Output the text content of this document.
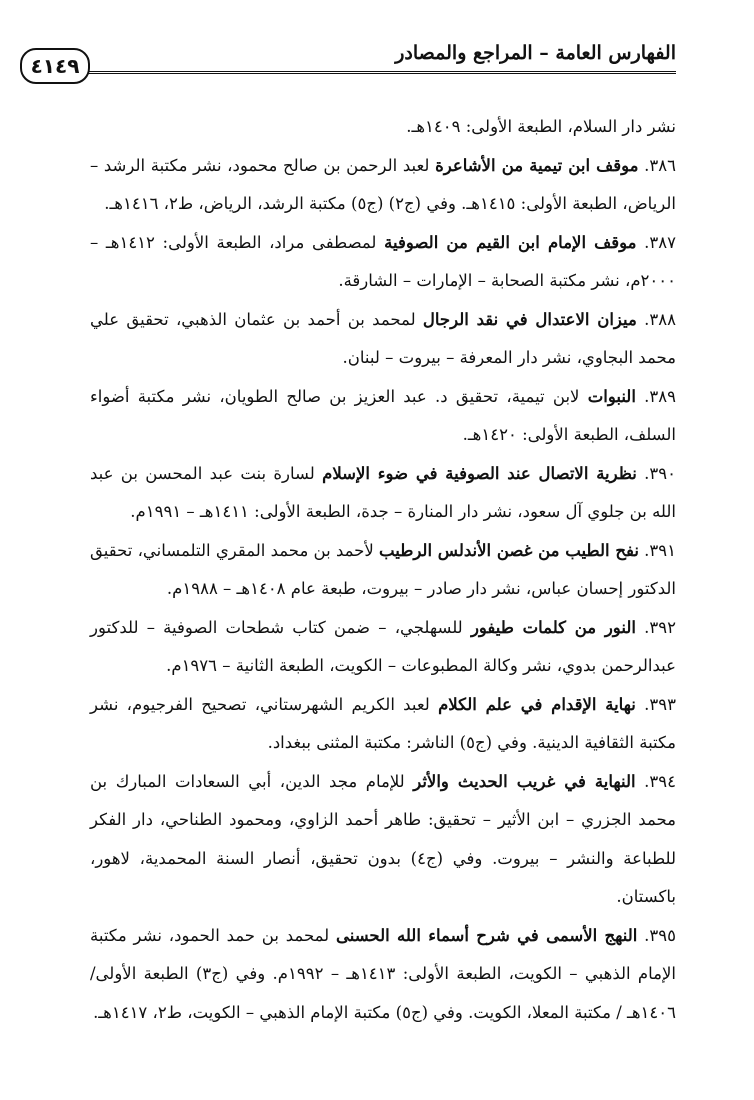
الفهارس العامة – المراجع والمصادر
٤١٤٩

نشر دار السلام، الطبعة الأولى: ١٤٠٩هـ.

٣٨٦. موقف ابن تيمية من الأشاعرة لعبد الرحمن بن صالح محمود، نشر مكتبة الرشد – الرياض، الطبعة الأولى: ١٤١٥هـ. وفي (ج٢) (ج٥) مكتبة الرشد، الرياض، ط٢، ١٤١٦هـ.

٣٨٧. موقف الإمام ابن القيم من الصوفية لمصطفى مراد، الطبعة الأولى: ١٤١٢هـ – ٢٠٠٠م، نشر مكتبة الصحابة – الإمارات – الشارقة.

٣٨٨. ميزان الاعتدال في نقد الرجال لمحمد بن أحمد بن عثمان الذهبي، تحقيق علي محمد البجاوي، نشر دار المعرفة – بيروت – لبنان.

٣٨٩. النبوات لابن تيمية، تحقيق د. عبد العزيز بن صالح الطويان، نشر مكتبة أضواء السلف، الطبعة الأولى: ١٤٢٠هـ.

٣٩٠. نظرية الاتصال عند الصوفية في ضوء الإسلام لسارة بنت عبد المحسن بن عبد الله بن جلوي آل سعود، نشر دار المنارة – جدة، الطبعة الأولى: ١٤١١هـ – ١٩٩١م.

٣٩١. نفح الطيب من غصن الأندلس الرطيب لأحمد بن محمد المقري التلمساني، تحقيق الدكتور إحسان عباس، نشر دار صادر – بيروت، طبعة عام ١٤٠٨هـ – ١٩٨٨م.

٣٩٢. النور من كلمات طيفور للسهلجي، – ضمن كتاب شطحات الصوفية – للدكتور عبدالرحمن بدوي، نشر وكالة المطبوعات – الكويت، الطبعة الثانية – ١٩٧٦م.

٣٩٣. نهاية الإقدام في علم الكلام لعبد الكريم الشهرستاني، تصحيح الفرجيوم، نشر مكتبة الثقافية الدينية. وفي (ج٥) الناشر: مكتبة المثنى ببغداد.

٣٩٤. النهاية في غريب الحديث والأثر للإمام مجد الدين، أبي السعادات المبارك بن محمد الجزري – ابن الأثير – تحقيق: طاهر أحمد الزاوي، ومحمود الطناحي، دار الفكر للطباعة والنشر – بيروت. وفي (ج٤) بدون تحقيق، أنصار السنة المحمدية، لاهور، باكستان.

٣٩٥. النهج الأسمى في شرح أسماء الله الحسنى لمحمد بن حمد الحمود، نشر مكتبة الإمام الذهبي – الكويت، الطبعة الأولى: ١٤١٣هـ – ١٩٩٢م. وفي (ج٣) الطبعة الأولى/ ١٤٠٦هـ / مكتبة المعلا، الكويت. وفي (ج٥) مكتبة الإمام الذهبي – الكويت، ط٢، ١٤١٧هـ.
